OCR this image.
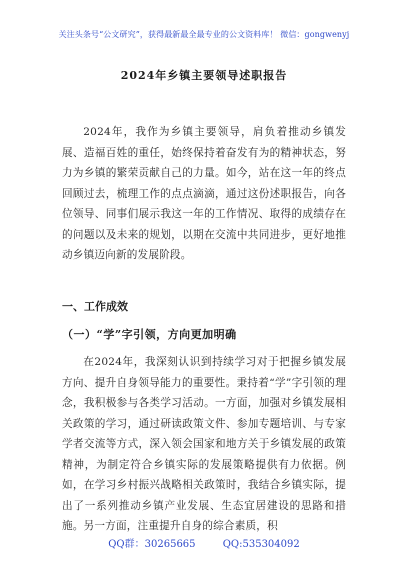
关注头条号“公文研究”，获得最新最全最专业的公文资料库！ 微信：gongwenyj
2024年乡镇主要领导述职报告
2024年，我作为乡镇主要领导，肩负着推动乡镇发展、造福百姓的重任，始终保持着奋发有为的精神状态，努力为乡镇的繁荣贡献自己的力量。如今，站在这一年的终点回顾过去，梳理工作的点点滴滴，通过这份述职报告，向各位领导、同事们展示我这一年的工作情况、取得的成绩存在的问题以及未来的规划，以期在交流中共同进步，更好地推动乡镇迈向新的发展阶段。
一、工作成效
（一）“学”字引领，方向更加明确
在2024年，我深刻认识到持续学习对于把握乡镇发展方向、提升自身领导能力的重要性。秉持着“学”字引领的理念，我积极参与各类学习活动。一方面，加强对乡镇发展相关政策的学习，通过研读政策文件、参加专题培训、与专家学者交流等方式，深入领会国家和地方关于乡镇发展的政策精神，为制定符合乡镇实际的发展策略提供有力依据。例如，在学习乡村振兴战略相关政策时，我结合乡镇实际，提出了一系列推动乡镇产业发展、生态宜居建设的思路和措施。另一方面，注重提升自身的综合素质，积
QQ群：30265665	QQ:535304092
